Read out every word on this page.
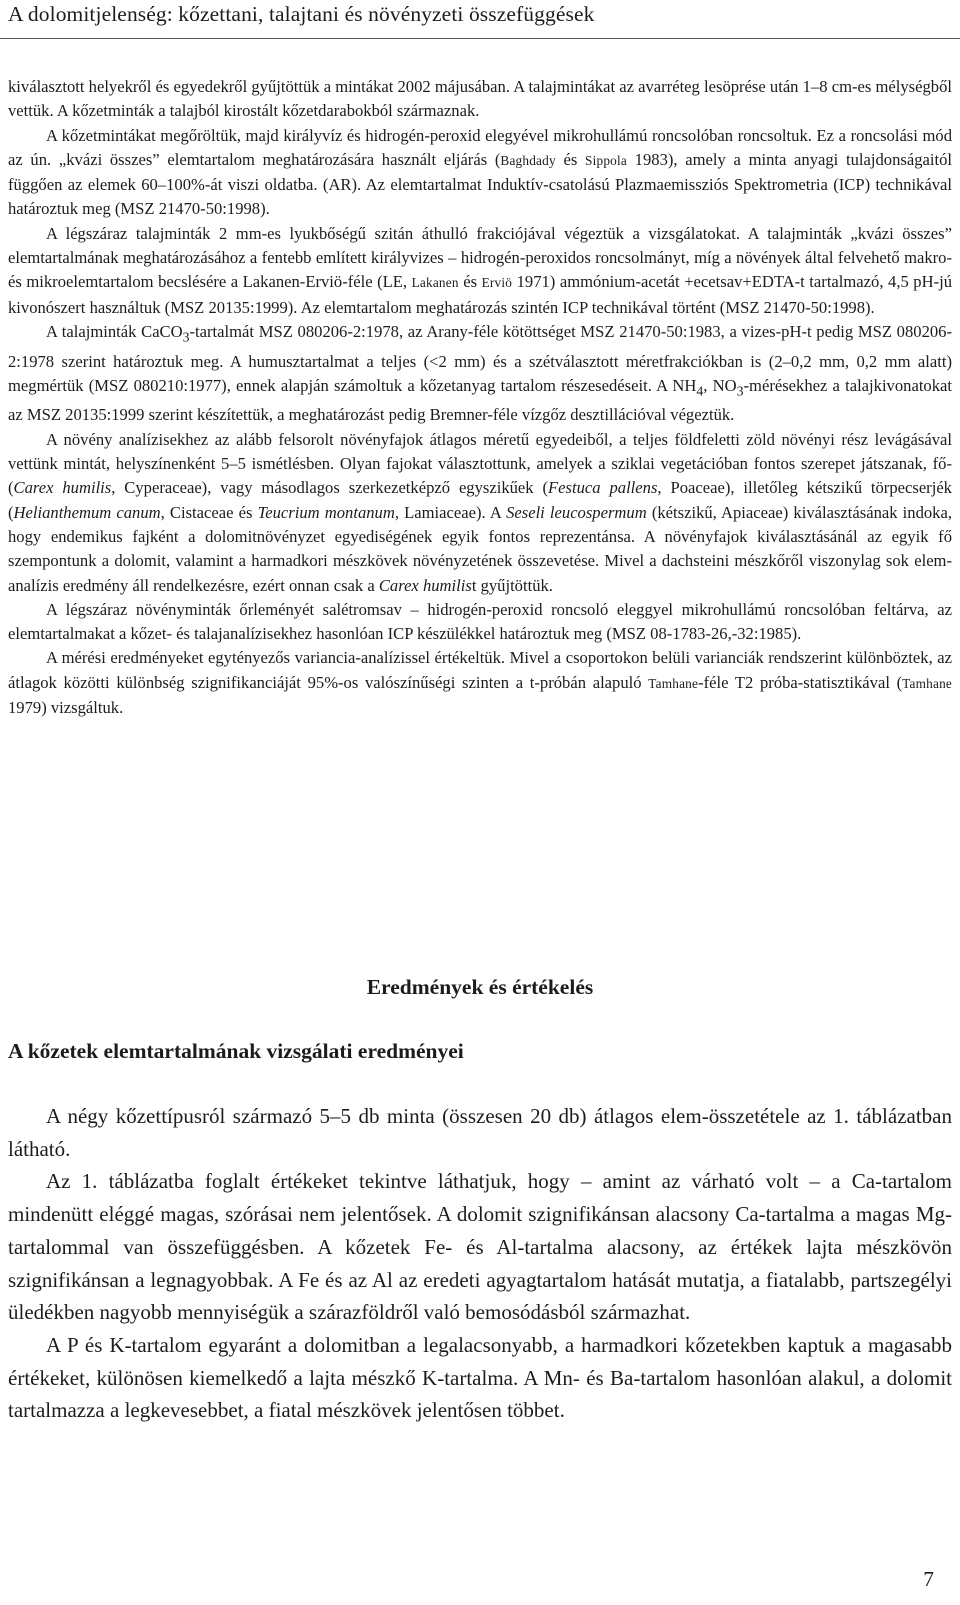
A dolomitjelenség: kőzettani, talajtani és növényzeti összefüggések

kiválasztott helyekről és egyedekről gyűjtöttük a mintákat 2002 májusában. A talajmintákat az avarréteg lesöprése után 1–8 cm-es mélységből vettük. A kőzetminták a talajból kirostált kőzetdarabokból származnak.

A kőzetmintákat megőröltük, majd királyvíz és hidrogén-peroxid elegyével mikrohullámú roncsolóban roncsoltuk. Ez a roncsolási mód az ún. „kvázi összes” elemtartalom meghatározására használt eljárás (Baghdady és Sippola 1983), amely a minta anyagi tulajdonságaitól függően az elemek 60–100%-át viszi oldatba. (AR). Az elemtartalmat Induktív-csatolású Plazmaemissziós Spektrometria (ICP) technikával határoztuk meg (MSZ 21470-50:1998).

A légszáraz talajminták 2 mm-es lyukbőségű szitán áthulló frakciójával végeztük a vizsgálatokat. A talajminták „kvázi összes” elemtartalmának meghatározásához a fentebb említett királyvizes – hidrogén-peroxidos roncsolmányt, míg a növények által felvehető makro- és mikroelemtartalom becslésére a Lakanen-Erviö-féle (LE, Lakanen és Erviö 1971) ammónium-acetát +ecetsav+EDTA-t tartalmazó, 4,5 pH-jú kivonószert használtuk (MSZ 20135:1999). Az elemtartalom meghatározás szintén ICP technikával történt (MSZ 21470-50:1998).

A talajminták CaCO$_3$-tartalmát MSZ 080206-2:1978, az Arany-féle kötöttséget MSZ 21470-50:1983, a vizes-pH-t pedig MSZ 080206-2:1978 szerint határoztuk meg. A humusztartalmat a teljes (<2 mm) és a szétválasztott méretfrakciókban is (2–0,2 mm, 0,2 mm alatt) megmértük (MSZ 080210:1977), ennek alapján számoltuk a kőzetanyag tartalom részesedéseit. A $NH_4$, $NO_3$-mérésekhez a talajkivonatokat az MSZ 20135:1999 szerint készítettük, a meghatározást pedig Bremner-féle vízgőz desztillációval végeztük.

A növény analízisekhez az alább felsorolt növényfajok átlagos méretű egyedeiből, a teljes földfeletti zöld növényi rész levágásával vettünk mintát, helyszínenként 5–5 ismétlésben. Olyan fajokat választottunk, amelyek a sziklai vegetációban fontos szerepet játszanak, fő- (Carex humilis, Cyperaceae), vagy másodlagos szerkezetképző egyszikűek (Festuca pallens, Poaceae), illetőleg kétszikű törpecserjék (Helianthemum canum, Cistaceae és Teucrium montanum, Lamiaceae). A Seseli leucospermum (kétszikű, Apiaceae) kiválasztásának indoka, hogy endemikus fajként a dolomitnövényzet egyediségének egyik fontos reprezentánsa. A növényfajok kiválasztásánál az egyik fő szempontunk a dolomit, valamint a harmadkori mészkövek növényzetének összevetése. Mivel a dachsteini mészkőről viszonylag sok elem-analízis eredmény áll rendelkezésre, ezért onnan csak a Carex humilist gyűjtöttük.

A légszáraz növényminták őrleményét salétromsav – hidrogén-peroxid roncsoló eleggyel mikrohullámú roncsolóban feltárva, az elemtartalmakat a kőzet- és talajanalízisekhez hasonlóan ICP készülékkel határoztuk meg (MSZ 08-1783-26,-32:1985).

A mérési eredményeket egytényezős variancia-analízissel értékeltük. Mivel a csoportokon belüli varianciák rendszerint különböztek, az átlagok közötti különbség szignifikanciáját 95%-os valószínűségi szinten a t-próbán alapuló Tamhane-féle T2 próba-statisztikával (Tamhane 1979) vizsgáltuk.

Eredmények és értékelés
A kőzetek elemtartalmának vizsgálati eredményei

A négy kőzettípusról származó 5–5 db minta (összesen 20 db) átlagos elem-összetétele az 1. táblázatban látható.

Az 1. táblázatba foglalt értékeket tekintve láthatjuk, hogy – amint az várható volt – a Ca-tartalom mindenütt eléggé magas, szórásai nem jelentősek. A dolomit szignifikánsan alacsony Ca-tartalma a magas Mg-tartalommal van összefüggésben. A kőzetek Fe- és Al-tartalma alacsony, az értékek lajta mészkövön szignifikánsan a legnagyobbak. A Fe és az Al az eredeti agyagtartalom hatását mutatja, a fiatalabb, partszegélyi üledékben nagyobb mennyiségük a szárazföldről való bemosódásból származhat.

A P és K-tartalom egyaránt a dolomitban a legalacsonyabb, a harmadkori kőzetekben kaptuk a magasabb értékeket, különösen kiemelkedő a lajta mészkő K-tartalma. A Mn- és Ba-tartalom hasonlóan alakul, a dolomit tartalmazza a legkevesebbet, a fiatal mészkövek jelentősen többet.

7
